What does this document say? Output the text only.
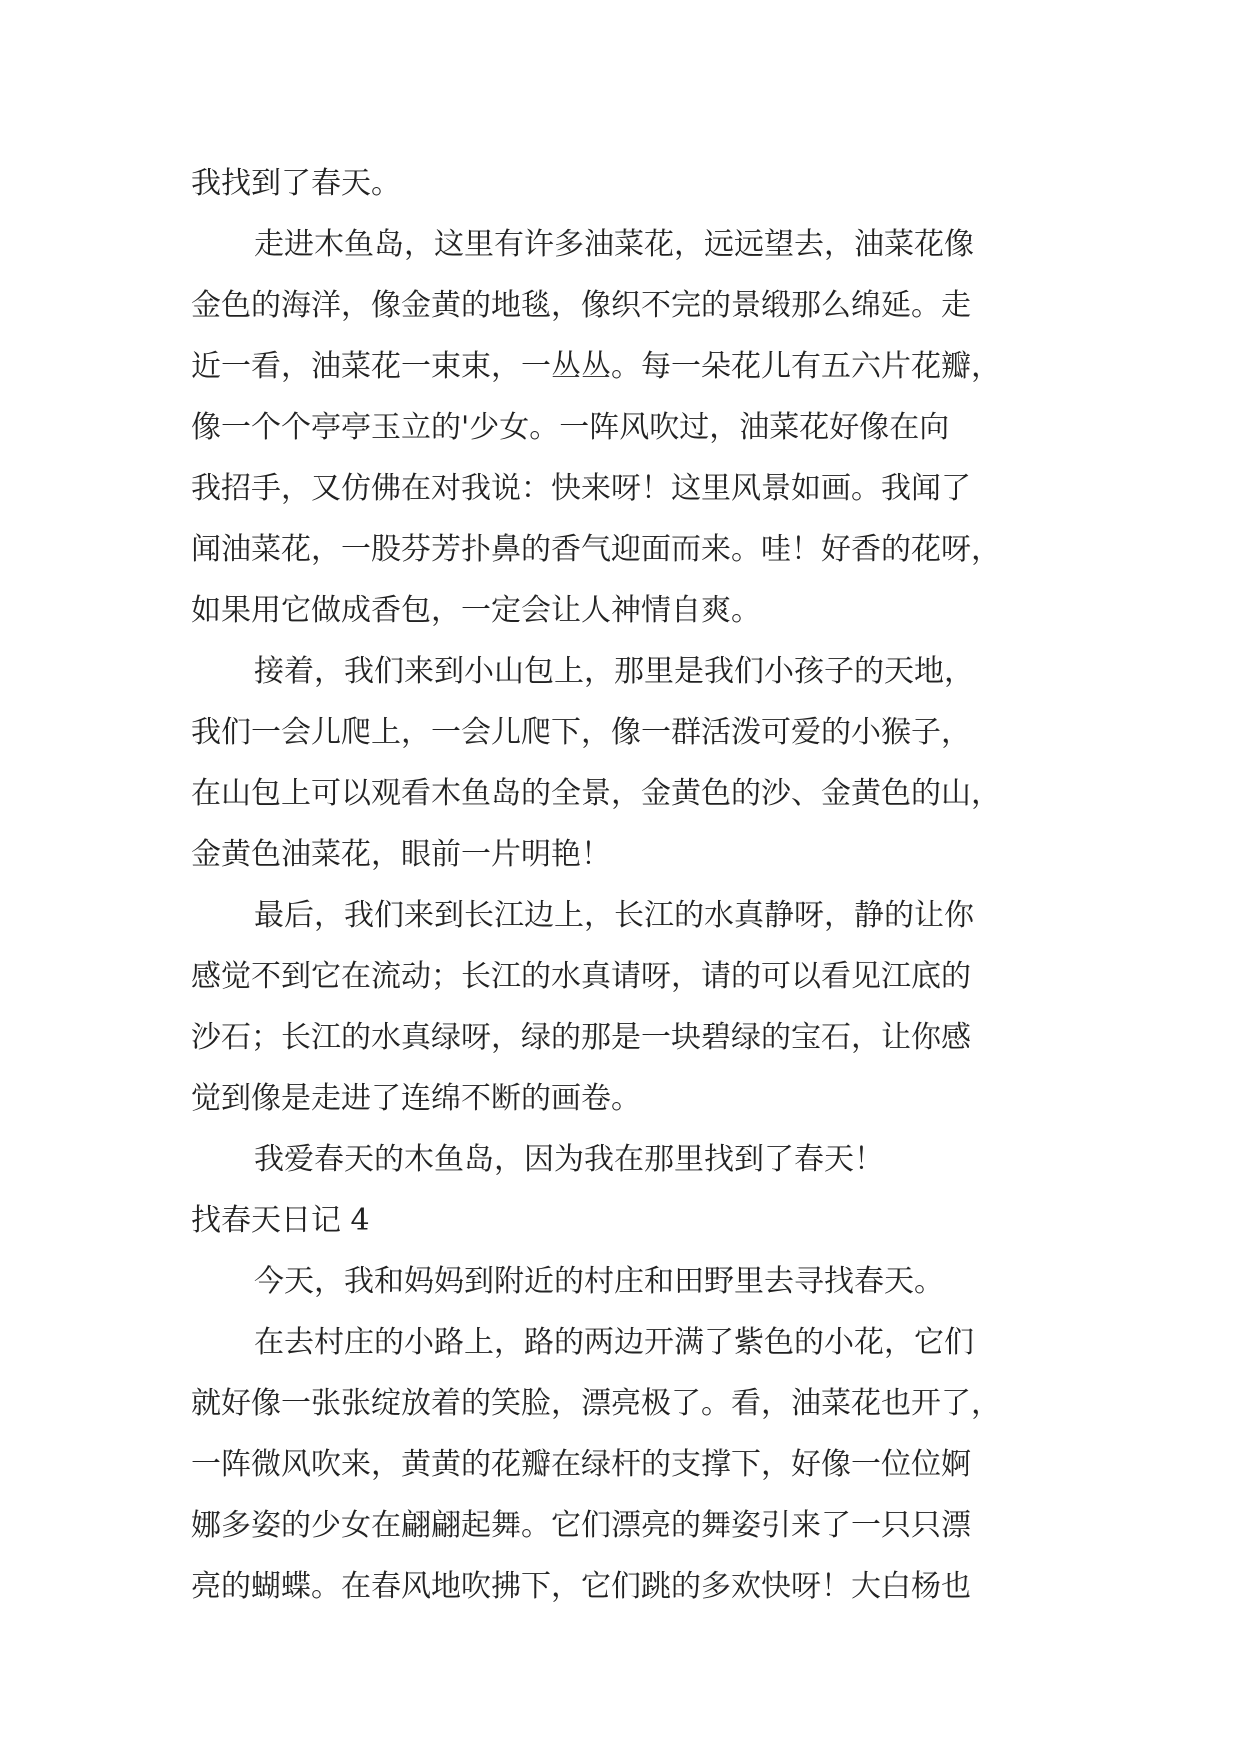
我找到了春天。
走进木鱼岛，这里有许多油菜花，远远望去，油菜花像
金色的海洋，像金黄的地毯，像织不完的景缎那么绵延。走
近一看，油菜花一束束，一丛丛。每一朵花儿有五六片花瓣，
像一个个亭亭玉立的'少女。一阵风吹过，油菜花好像在向
我招手，又仿佛在对我说：快来呀！这里风景如画。我闻了
闻油菜花，一股芬芳扑鼻的香气迎面而来。哇！好香的花呀，
如果用它做成香包，一定会让人神情自爽。
接着，我们来到小山包上，那里是我们小孩子的天地，
我们一会儿爬上，一会儿爬下，像一群活泼可爱的小猴子，
在山包上可以观看木鱼岛的全景，金黄色的沙、金黄色的山，
金黄色油菜花，眼前一片明艳！
最后，我们来到长江边上，长江的水真静呀，静的让你
感觉不到它在流动；长江的水真请呀，请的可以看见江底的
沙石；长江的水真绿呀，绿的那是一块碧绿的宝石，让你感
觉到像是走进了连绵不断的画卷。
我爱春天的木鱼岛，因为我在那里找到了春天！
找春天日记 4
今天，我和妈妈到附近的村庄和田野里去寻找春天。
在去村庄的小路上，路的两边开满了紫色的小花，它们
就好像一张张绽放着的笑脸，漂亮极了。看，油菜花也开了，
一阵微风吹来，黄黄的花瓣在绿杆的支撑下，好像一位位婀
娜多姿的少女在翩翩起舞。它们漂亮的舞姿引来了一只只漂
亮的蝴蝶。在春风地吹拂下，它们跳的多欢快呀！大白杨也
